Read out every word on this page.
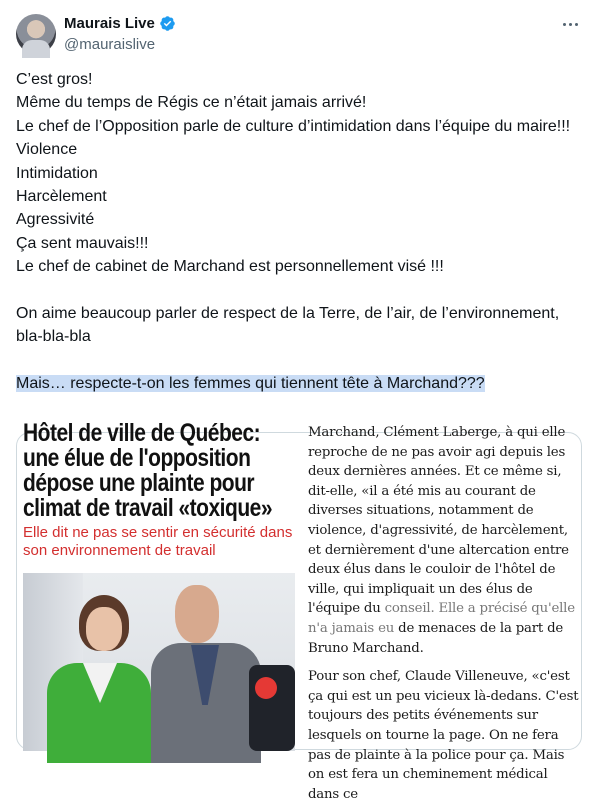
Maurais Live
@mauraislive

C’est gros!

Même du temps de Régis ce n’était jamais arrivé!

Le chef de l’Opposition parle de culture d’intimidation dans l’équipe du maire!!!

Violence

Intimidation

Harcèlement

Agressivité

Ça sent mauvais!!!

Le chef de cabinet de Marchand est personnellement visé !!!

On aime beaucoup parler de respect de la Terre, de l’air, de l’environnement, bla-bla-bla

Mais… respecte-t-on les femmes qui tiennent tête à Marchand???

Hôtel de ville de Québec: une élue de l'opposition dépose une plainte pour climat de travail «toxique»
Elle dit ne pas se sentir en sécurité dans son environnement de travail

Marchand, Clément Laberge, à qui elle reproche de ne pas avoir agi depuis les deux dernières années. Et ce même si, dit-elle, «il a été mis au courant de diverses situations, notamment de violence, d'agressivité, de harcèlement, et dernièrement d'une altercation entre deux élus dans le couloir de l'hôtel de ville, qui impliquait un des élus de l'équipe du conseil. Elle a précisé qu'elle n'a jamais eu de menaces de la part de Bruno Marchand.

Pour son chef, Claude Villeneuve, «c'est ça qui est un peu vicieux là-dedans. C'est toujours des petits événements sur lesquels on tourne la page. On ne fera pas de plainte à la police pour ça. Mais on est fera un cheminement médical dans ce
